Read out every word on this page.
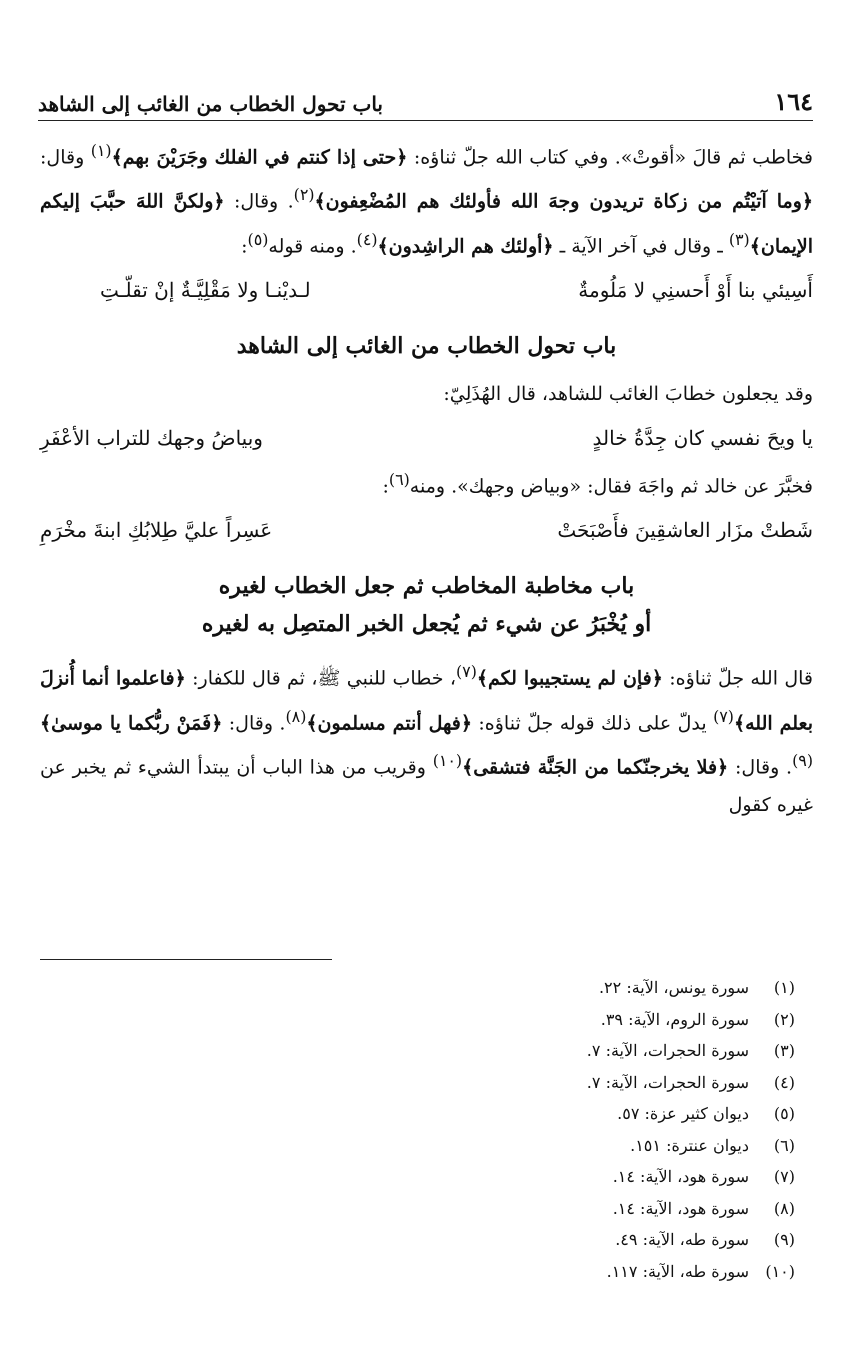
١٦٤
باب تحول الخطاب من الغائب إلى الشاهد

فخاطب ثم قالَ «أقوتْ». وفي كتاب الله جلّ ثناؤه: ﴿حتى إذا كنتم في الفلك وجَرَيْنَ بهم﴾$^{(١)}$ وقال: ﴿وما آتيْتُم من زكاة تريدون وجهَ الله فأولئك هم المُضْعِفون﴾$^{(٢)}$. وقال: ﴿ولكنَّ اللهَ حبَّبَ إليكم الإيمان﴾$^{(٣)}$ ـ وقال في آخر الآية ـ ﴿أولئك هم الراشِدون﴾$^{(٤)}$. ومنه قوله$^{(٥)}$:

أَسِيئي بنا أَوْ أَحسنِي لا مَلُومةٌ
لـديْنـا ولا مَقْلِيَّـةٌ إنْ تقلّـتِ
باب تحول الخطاب من الغائب إلى الشاهد

وقد يجعلون خطابَ الغائب للشاهد، قال الهُذَلِيّ:

يا ويحَ نفسي كان جِدَّةُ خالدٍ
وبياضُ وجهك للتراب الأعْفَرِ

فخبَّرَ عن خالد ثم واجَهَ فقال: «وبياض وجهك». ومنه$^{(٦)}$:

شَطتْ مزَار العاشقِينَ فأَصْبَحَتْ
عَسِراً عليَّ طِلابُكِ ابنةَ مخْرَمِ
باب مخاطبة المخاطب ثم جعل الخطاب لغيره
أو يُخْبَرُ عن شيء ثم يُجعل الخبر المتصِل به لغيره

قال الله جلّ ثناؤه: ﴿فإن لم يستجيبوا لكم﴾$^{(٧)}$، خطاب للنبي ﷺ، ثم قال للكفار: ﴿فاعلموا أنما أُنزلَ بعلم الله﴾$^{(٧)}$ يدلّ على ذلك قوله جلّ ثناؤه: ﴿فهل أنتم مسلمون﴾$^{(٨)}$. وقال: ﴿فَمَنْ ربُّكما يا موسىٰ﴾$^{(٩)}$. وقال: ﴿فلا يخرجنّكما من الجَنَّة فتشقى﴾$^{(١٠)}$ وقريب من هذا الباب أن يبتدأ الشيء ثم يخبر عن غيره كقول

(١)
سورة يونس، الآية: ٢٢.
(٢)
سورة الروم، الآية: ٣٩.
(٣)
سورة الحجرات، الآية: ٧.
(٤)
سورة الحجرات، الآية: ٧.
(٥)
ديوان كثير عزة: ٥٧.
(٦)
ديوان عنترة: ١٥١.
(٧)
سورة هود، الآية: ١٤.
(٨)
سورة هود، الآية: ١٤.
(٩)
سورة طه، الآية: ٤٩.
(١٠)
سورة طه، الآية: ١١٧.
